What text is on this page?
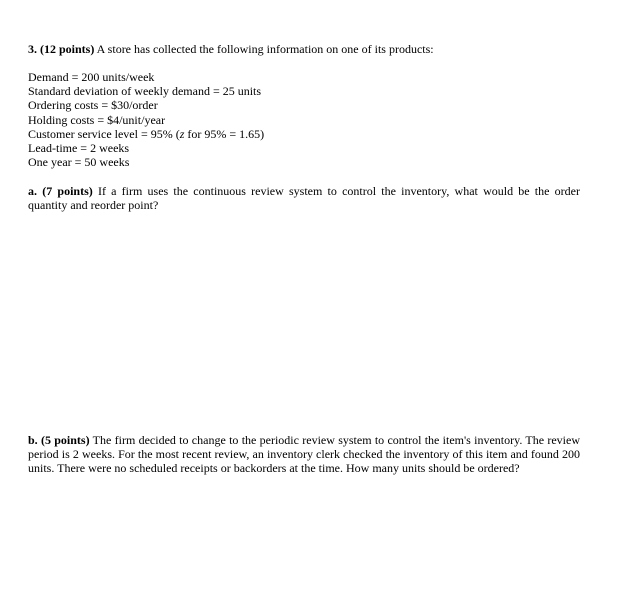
3. (12 points) A store has collected the following information on one of its products:

Demand = 200 units/week
Standard deviation of weekly demand = 25 units
Ordering costs = $30/order
Holding costs = $4/unit/year
Customer service level = 95% (z for 95% = 1.65)
Lead-time = 2 weeks
One year = 50 weeks

a. (7 points) If a firm uses the continuous review system to control the inventory, what would be the order quantity and reorder point?

b. (5 points) The firm decided to change to the periodic review system to control the item's inventory. The review period is 2 weeks. For the most recent review, an inventory clerk checked the inventory of this item and found 200 units. There were no scheduled receipts or backorders at the time. How many units should be ordered?
